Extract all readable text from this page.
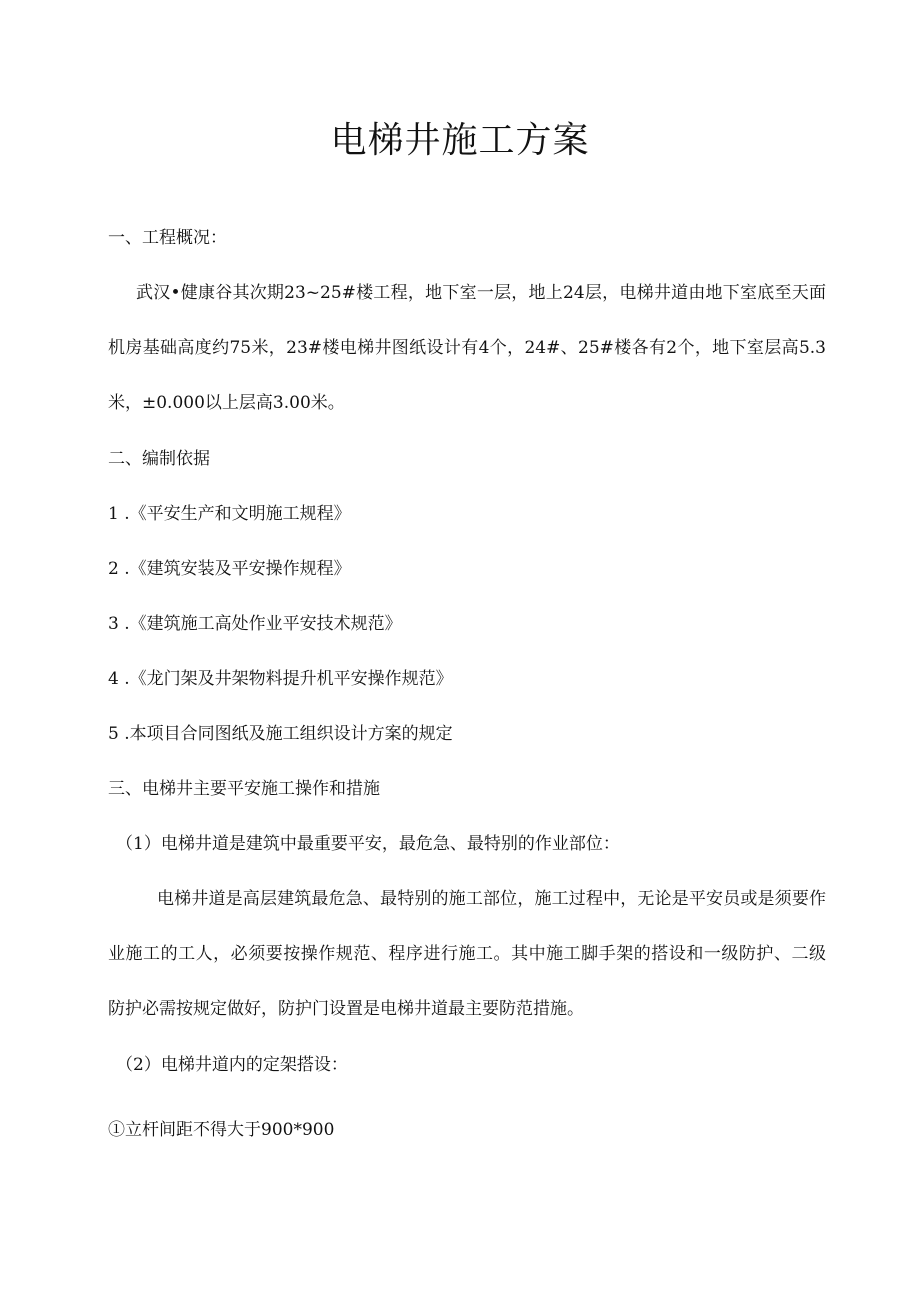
电梯井施工方案
一、工程概况：
武汉•健康谷其次期23~25#楼工程，地下室一层，地上24层，电梯井道由地下室底至天面
机房基础高度约75米，23#楼电梯井图纸设计有4个，24#、25#楼各有2个，地下室层高5.3
米，±0.000以上层高3.00米。
二、编制依据
1 .《平安生产和文明施工规程》
2 .《建筑安装及平安操作规程》
3 .《建筑施工高处作业平安技术规范》
4 .《龙门架及井架物料提升机平安操作规范》
5 .本项目合同图纸及施工组织设计方案的规定
三、电梯井主要平安施工操作和措施
（1）电梯井道是建筑中最重要平安，最危急、最特别的作业部位：
电梯井道是高层建筑最危急、最特别的施工部位，施工过程中，无论是平安员或是须要作
业施工的工人，必须要按操作规范、程序进行施工。其中施工脚手架的搭设和一级防护、二级
防护必需按规定做好，防护门设置是电梯井道最主要防范措施。
（2）电梯井道内的定架搭设：
①立杆间距不得大于900*900
